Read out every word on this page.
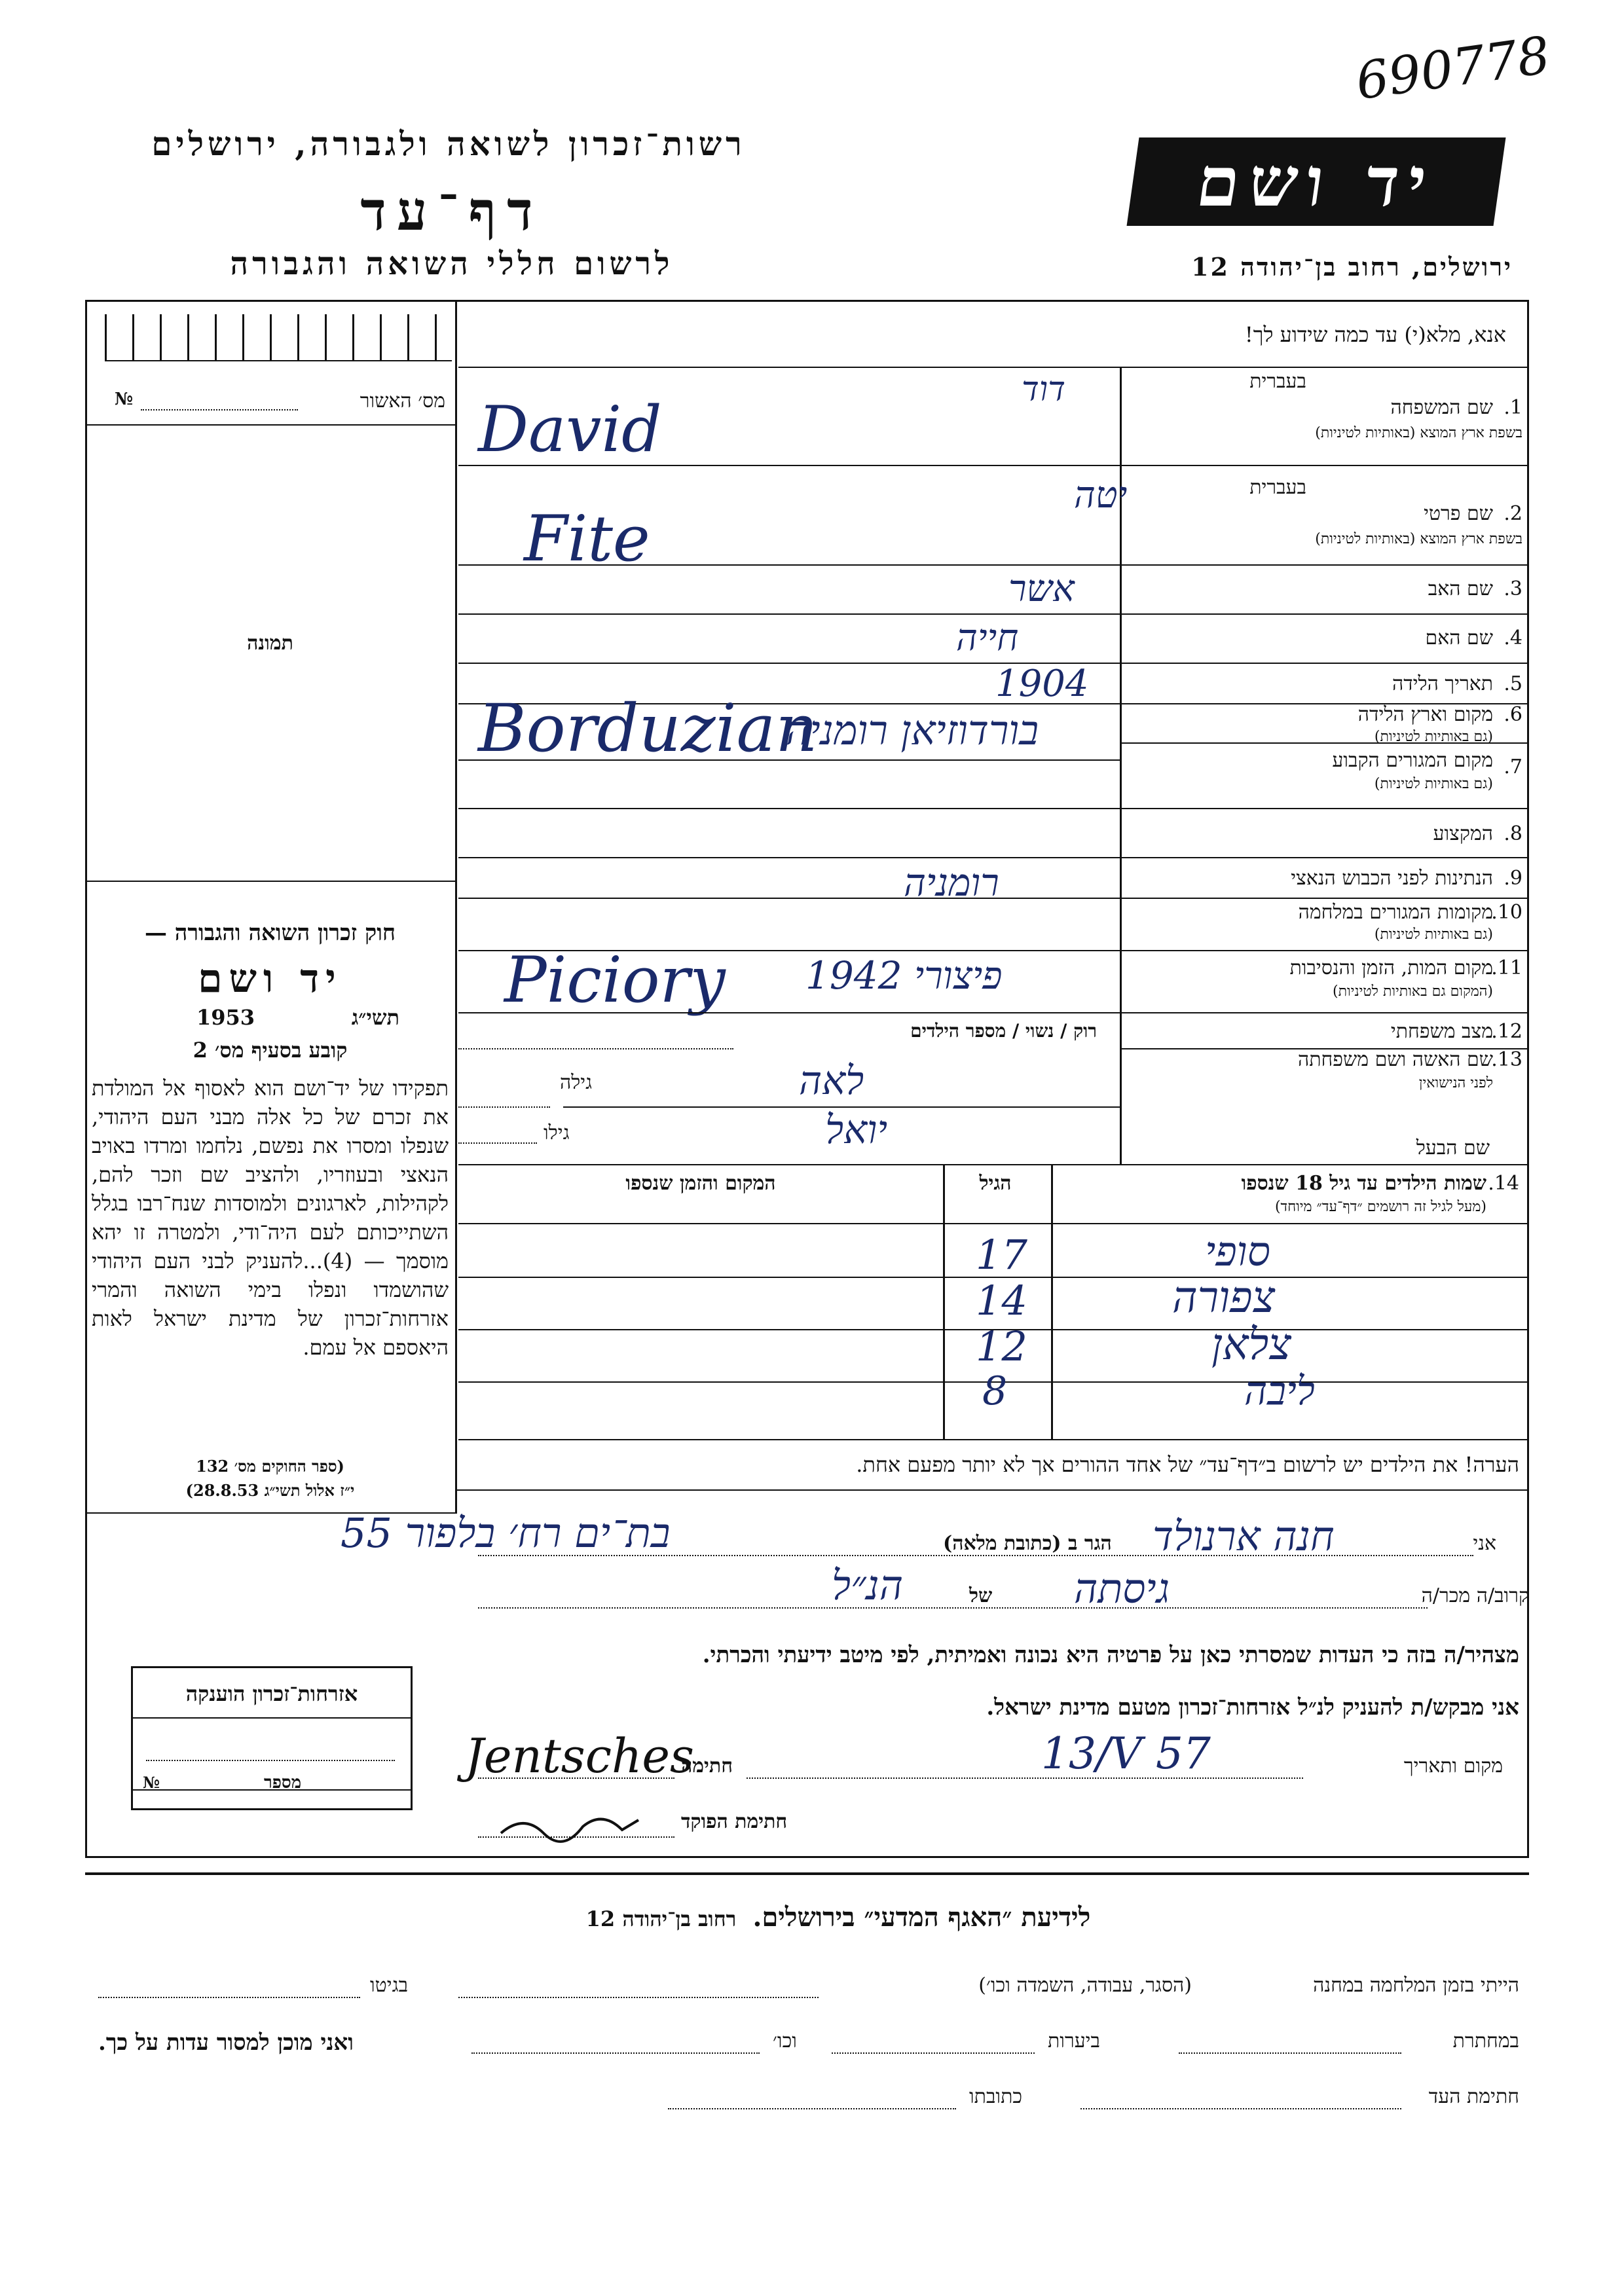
690778
רשות־זכרון לשואה ולגבורה, ירושלים
דף־עד
לרשום חללי השואה והגבורה
יד ושם
ירושלים, רחוב בן־יהודה 12
אנא, מלא(י) עד כמה שידוע לך!
מס׳ האשור
№
תמונה
חוק זכרון השואה והגבורה —
יד ושם
תשי״ג
1953
קובע בסעיף מס׳ 2
תפקידו של יד־ושם הוא לאסוף אל המולדת את זכרם של כל אלה מבני העם היהודי, שנפלו ומסרו את נפשם, נלחמו ומרדו באויב הנאצי ובעוזריו, ולהציב שם וזכר להם, לקהילות, לארגונים ולמוסדות שנח־רבו בגלל השתייכותם לעם היה־ודי, ולמטרה זו יהא מוסמך — (4)...להעניק לבני העם היהודי שהושמדו ונפלו בימי השואה והמרי אזרחות־זכרון של מדינת ישראל לאות היאספם אל עמם.
(ספר החוקים מס׳ 132
י״ז אלול תשי״ג 28.8.53)
1.
שם המשפחה
בשפת ארץ המוצא (באותיות לטיניות)
בעברית
דוד
David
2.
שם פרטי
בשפת ארץ המוצא (באותיות לטיניות)
בעברית
יטה
Fite
3.
שם האב
אשר
4.
שם האם
חייה
5.
תאריך הלידה
1904
6.
מקום וארץ הלידה
(גם באותיות לטיניות)
בורדוזיאן רומניה
Borduzian
7.
מקום המגורים הקבוע
(גם באותיות לטיניות)
8.
המקצוע
9.
הנתינות לפני הכבוש הנאצי
רומניה
10.
מקומות המגורים במלחמה
(גם באותיות לטיניות)
11.
מקום המות, הזמן והנסיבות
(המקום גם באותיות לטיניות)
פיצורי 1942
Piciory
12.
מצב משפחתי
רוק / נשוי / מספר הילדים
13.
שם האשה ושם משפחתה
לפני הנישואין
גילה	לאה
שם הבעל
גילו	יואל
14.
שמות הילדים עד גיל 18 שנספו
(מעל לגיל זה רושמים ״דף־עד״ מיוחד)
הגיל
המקום והזמן שנספו
סופי
17
צפורה
14
צלאן
12
ליבה
8
הערה! את הילדים יש לרשום ב״דף־עד״ של אחד ההורים אך לא יותר מפעם אחת.
אני
חנה ארנולד
הגר ב (כתובת מלאה)
בת־ים רח׳ בלפור 55
קרוב/ה מכר/ה
גיסתה
של
הנ״ל
מצהיר/ה בזה כי העדות שמסרתי כאן על פרטיה היא נכונה ואמיתית, לפי מיטב ידיעתי והכרתי.
אני מבקש/ת להעניק לנ״ל אזרחות־זכרון מטעם מדינת ישראל.
מקום ותאריך
13/V 57
חתימה
Jentsches
חתימת הפוקד
אזרחות־זכרון הוענקה
מספר
№
לידיעת ״האגף המדעי״ בירושלים. רחוב בן־יהודה 12
הייתי בזמן המלחמה במחנה
(הסגר, עבודה, השמדה וכו׳)
בגיטו
במחתרת
ביערות
וכו׳
ואני מוכן למסור עדות על כך.
חתימת העד
כתובתו
